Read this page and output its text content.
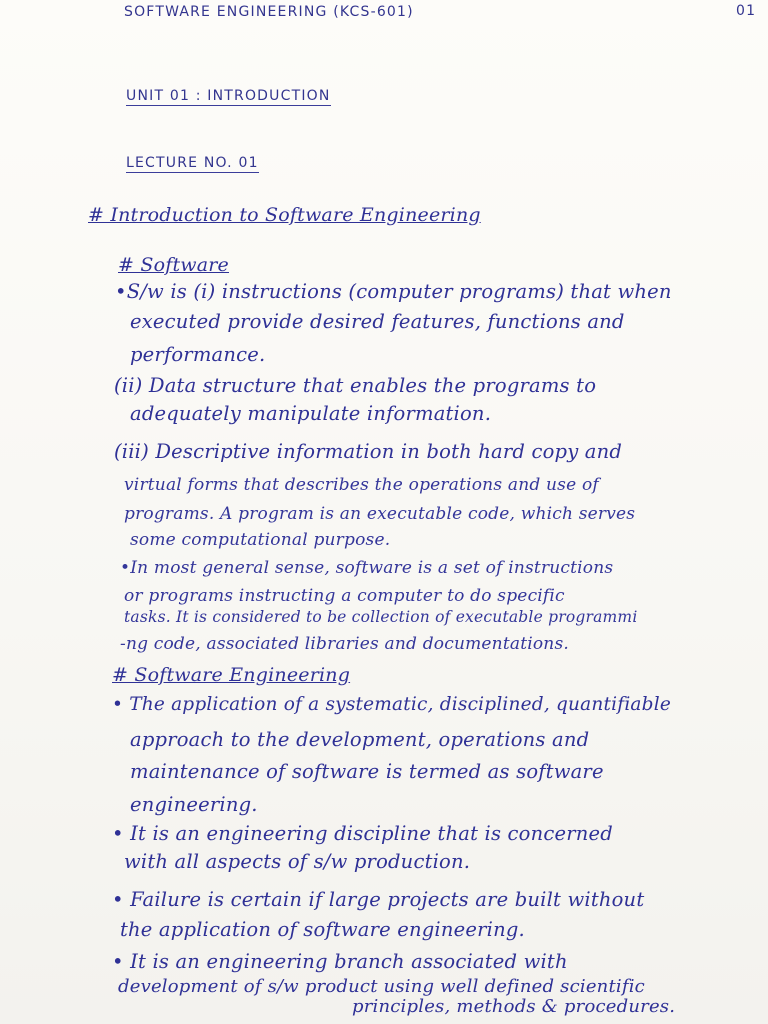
SOFTWARE ENGINEERING (KCS-601)	01
UNIT 01 : INTRODUCTION
LECTURE NO. 01
# Introduction to Software Engineering
# Software
•S/w is (i) instructions (computer programs) that when
executed provide desired features, functions and
performance.
(ii) Data structure that enables the programs to
adequately manipulate information.
(iii) Descriptive information in both hard copy and
virtual forms that describes the operations and use of
programs. A program is an executable code, which serves
some computational purpose.
•In most general sense, software is a set of instructions
or programs instructing a computer to do specific
tasks. It is considered to be collection of executable programmi
-ng code, associated libraries and documentations.
# Software Engineering
• The application of a systematic, disciplined, quantifiable
approach to the development, operations and
maintenance of software is termed as software
engineering.
• It is an engineering discipline that is concerned
with all aspects of s/w production.
• Failure is certain if large projects are built without
the application of software engineering.
• It is an engineering branch associated with
development of s/w product using well defined scientific
principles, methods & procedures.
